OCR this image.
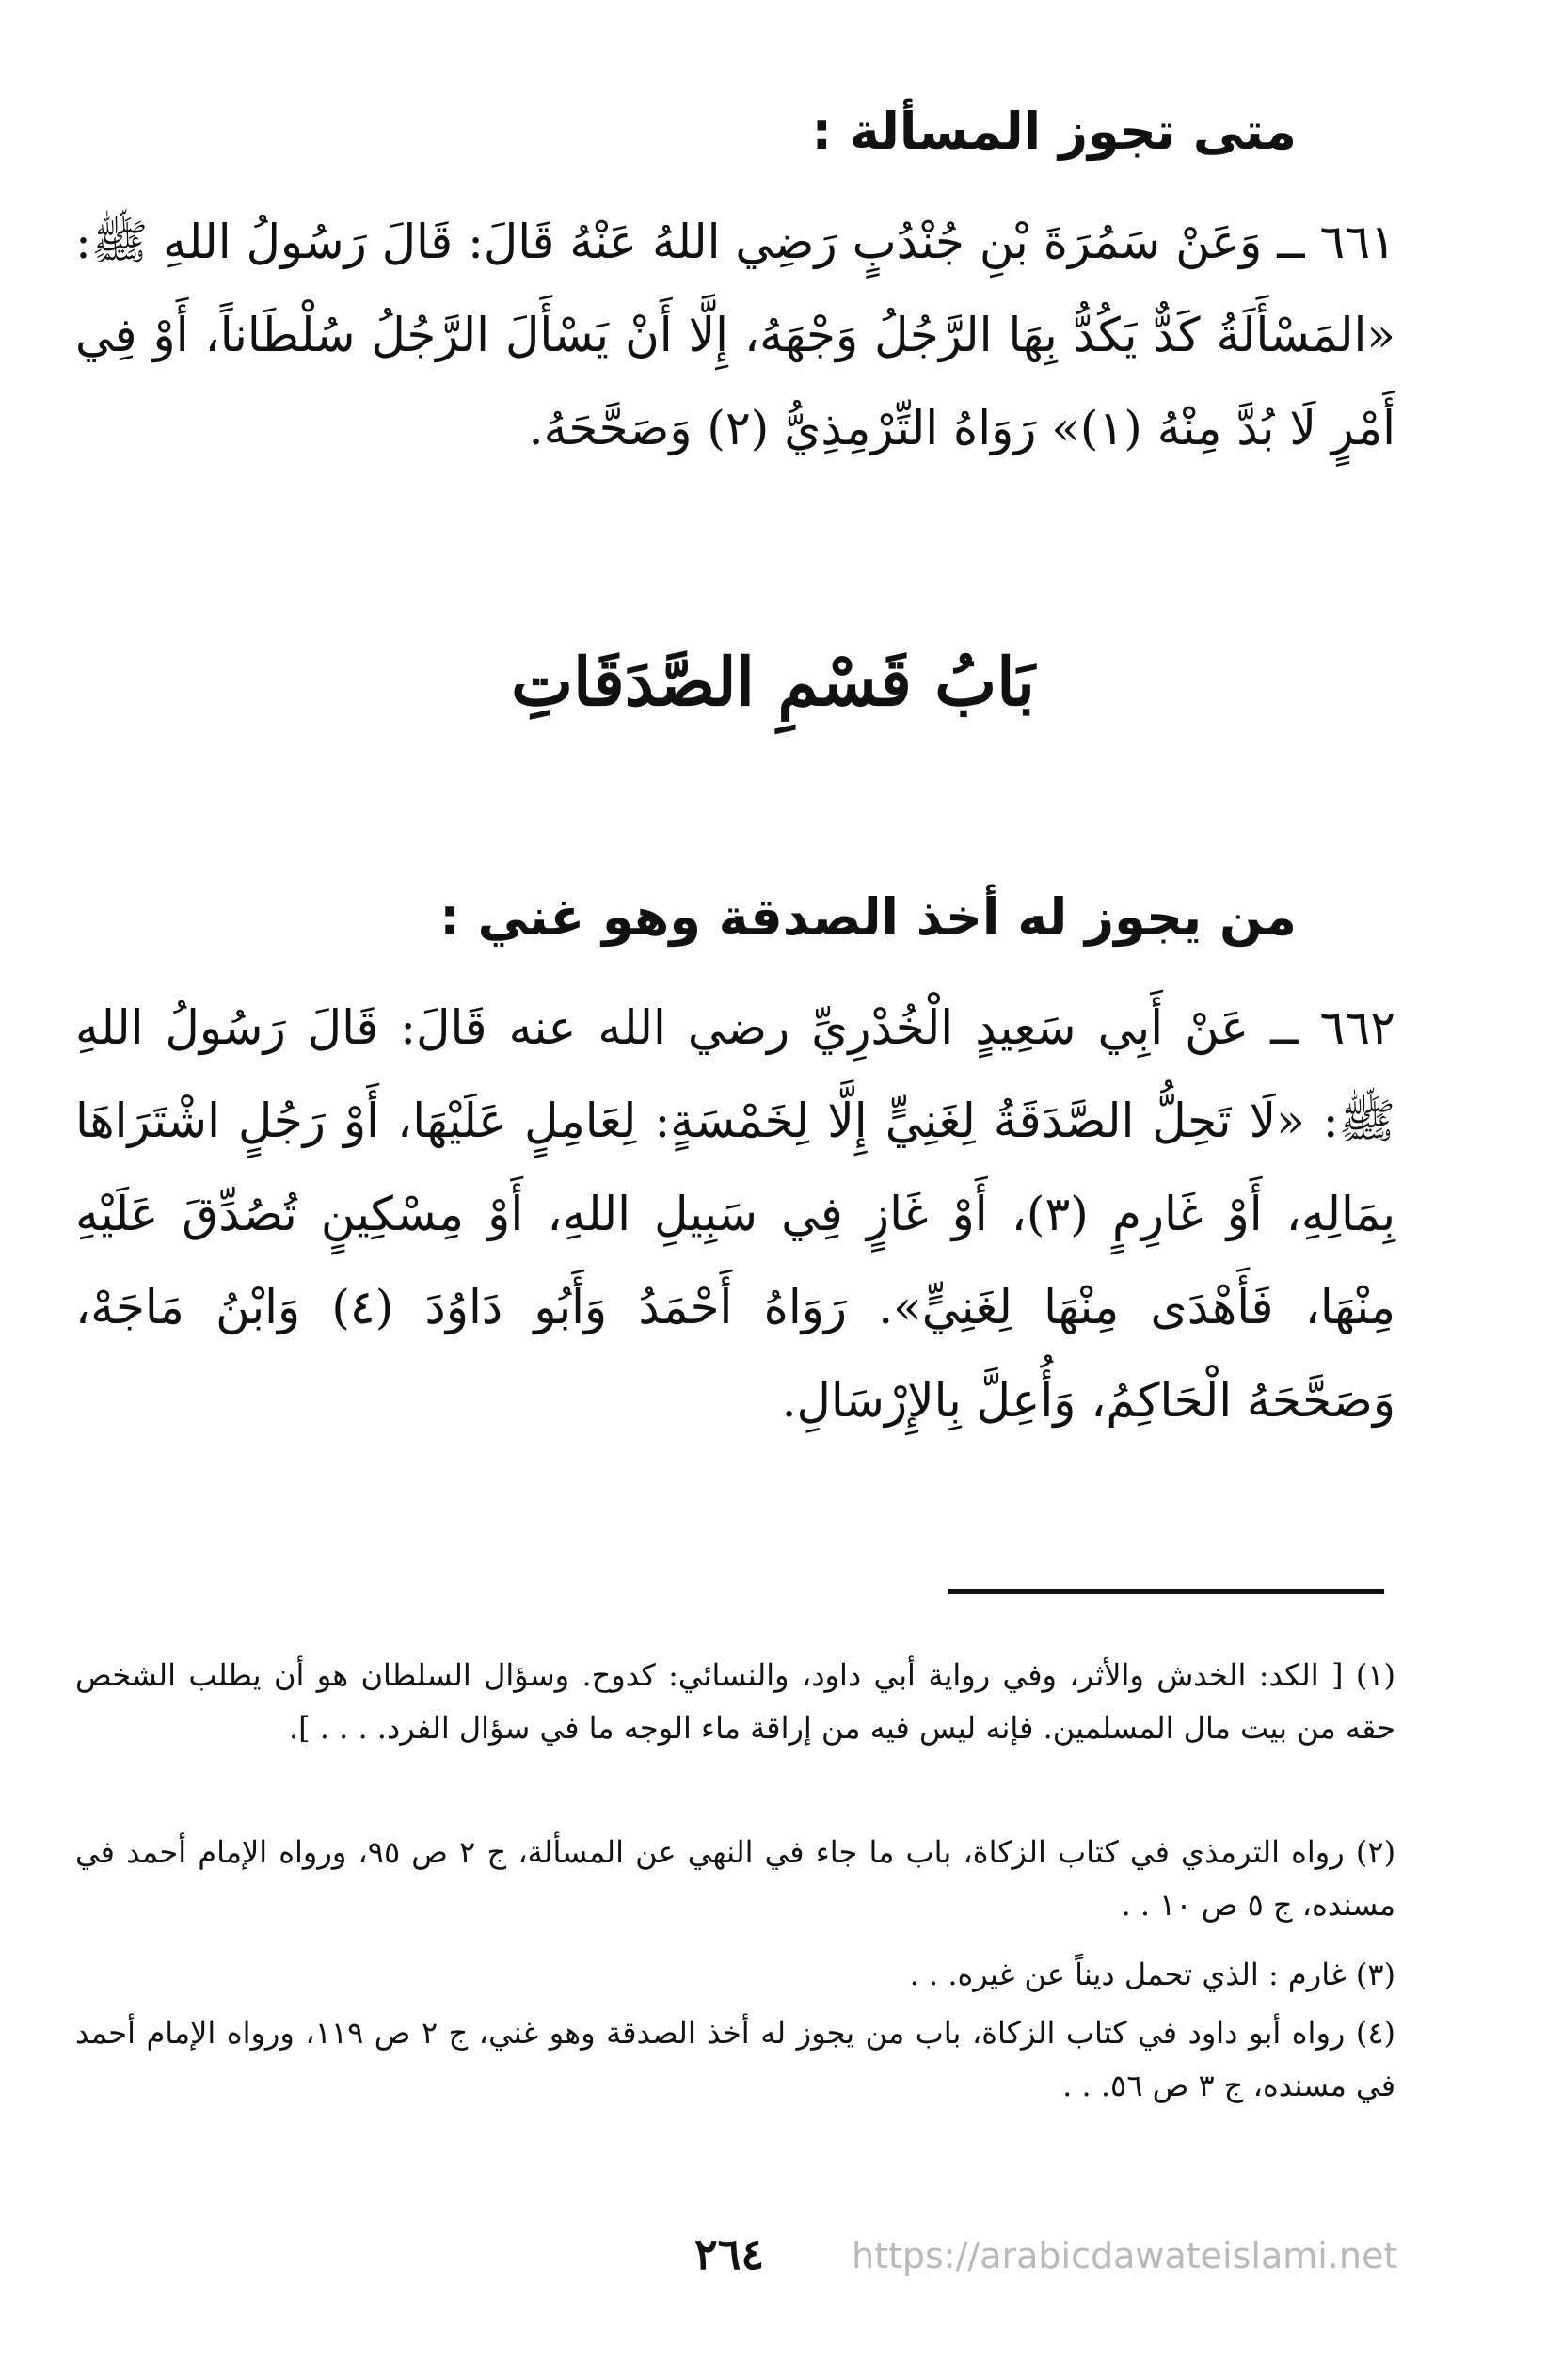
متى تجوز المسألة :
٦٦١ ــ وَعَنْ سَمُرَةَ بْنِ جُنْدُبٍ رَضِي اللهُ عَنْهُ قَالَ: قَالَ رَسُولُ اللهِ ﷺ: «المَسْأَلَةُ كَدٌّ يَكُدُّ بِهَا الرَّجُلُ وَجْهَهُ، إِلَّا أَنْ يَسْأَلَ الرَّجُلُ سُلْطَاناً، أَوْ فِي أَمْرٍ لَا بُدَّ مِنْهُ (١)» رَوَاهُ التِّرْمِذِيُّ (٢) وَصَحَّحَهُ.
بَابُ قَسْمِ الصَّدَقَاتِ
من يجوز له أخذ الصدقة وهو غني :
٦٦٢ ــ عَنْ أَبِي سَعِيدٍ الْخُدْرِيِّ رضي الله عنه قَالَ: قَالَ رَسُولُ اللهِ ﷺ: «لَا تَحِلُّ الصَّدَقَةُ لِغَنِيٍّ إِلَّا لِخَمْسَةٍ: لِعَامِلٍ عَلَيْهَا، أَوْ رَجُلٍ اشْتَرَاهَا بِمَالِهِ، أَوْ غَارِمٍ (٣)، أَوْ غَازٍ فِي سَبِيلِ اللهِ، أَوْ مِسْكِينٍ تُصُدِّقَ عَلَيْهِ مِنْهَا، فَأَهْدَى مِنْهَا لِغَنِيٍّ». رَوَاهُ أَحْمَدُ وَأَبُو دَاوُدَ (٤) وَابْنُ مَاجَهْ، وَصَحَّحَهُ الْحَاكِمُ، وَأُعِلَّ بِالإِرْسَالِ.
(١) [ الكد: الخدش والأثر، وفي رواية أبي داود، والنسائي: كدوح. وسؤال السلطان هو أن يطلب الشخص حقه من بيت مال المسلمين. فإنه ليس فيه من إراقة ماء الوجه ما في سؤال الفرد. . . . ].
(٢) رواه الترمذي في كتاب الزكاة، باب ما جاء في النهي عن المسألة، ج ٢ ص ٩٥، ورواه الإمام أحمد في مسنده، ج ٥ ص ١٠ . .
(٣) غارم : الذي تحمل ديناً عن غيره. . .
(٤) رواه أبو داود في كتاب الزكاة، باب من يجوز له أخذ الصدقة وهو غني، ج ٢ ص ١١٩، ورواه الإمام أحمد في مسنده، ج ٣ ص ٥٦. . .
٢٦٤	https://arabicdawateislami.net
